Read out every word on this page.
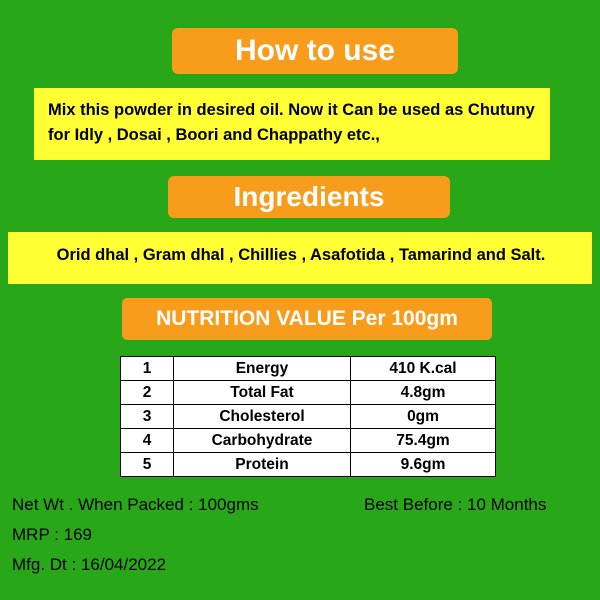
How to use
Mix this powder in desired oil. Now it Can be used as Chutuny for Idly , Dosai , Boori and Chappathy etc.,
Ingredients
Orid dhal , Gram dhal , Chillies , Asafotida , Tamarind and Salt.
NUTRITION VALUE Per 100gm
1	Energy	410 K.cal
2	Total Fat	4.8gm
3	Cholesterol	0gm
4	Carbohydrate	75.4gm
5	Protein	9.6gm
Net Wt . When Packed : 100gms	Best Before : 10 Months
MRP : 169
Mfg. Dt : 16/04/2022
